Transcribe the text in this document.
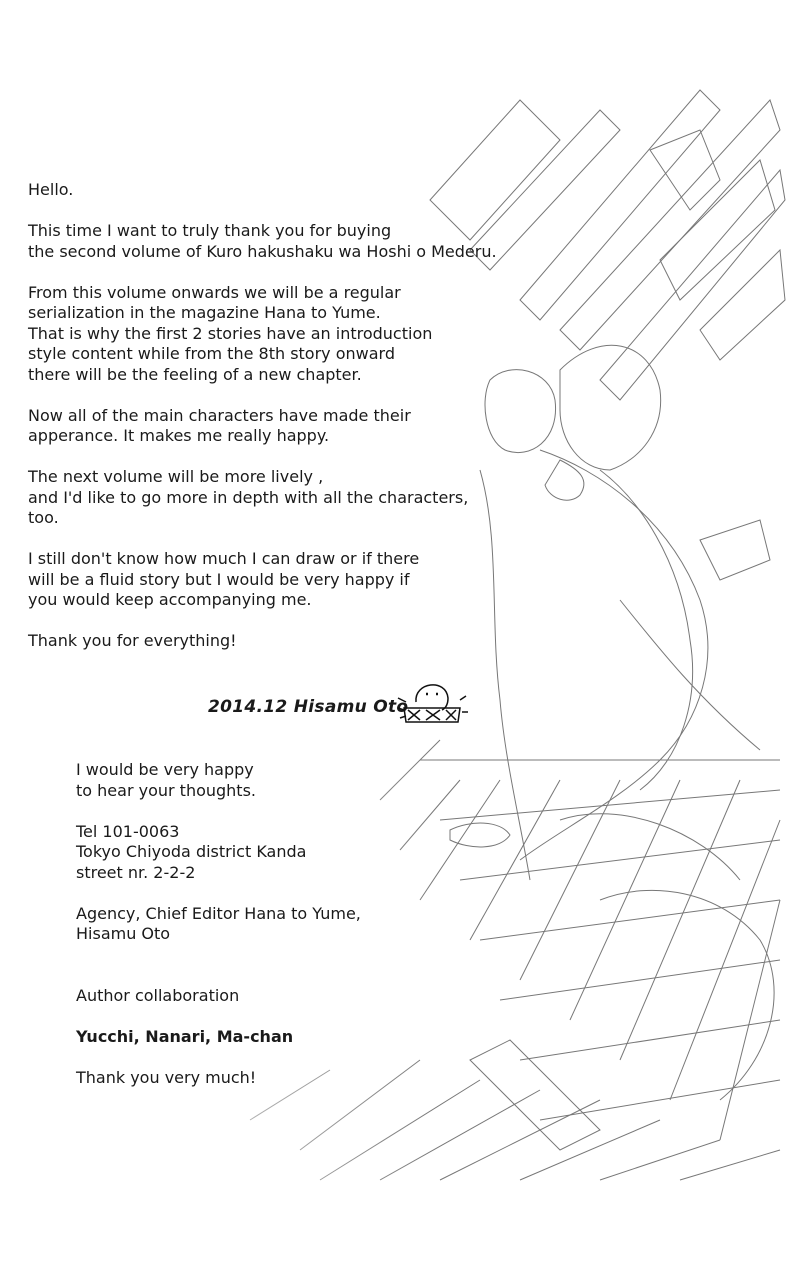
Hello.

This time I want to truly thank you for buying
the second volume of Kuro hakushaku wa Hoshi o Mederu.

From this volume onwards we will be a regular
serialization in the magazine Hana to Yume.
That is why the first 2 stories have an introduction
style content while from the 8th story onward
there will be the feeling of a new chapter.

Now all of the main characters have made their
apperance. It makes me really happy.

The next volume will be more lively ,
and I'd like to go more in depth with all the characters, too.

I still don't know how much I can draw or if there
will be a fluid story but I would be very happy if
you would keep accompanying me.

Thank you for everything!

2014.12 Hisamu Oto

I would be very happy
to hear your thoughts.

Tel 101-0063
Tokyo Chiyoda district Kanda
street nr. 2-2-2

Agency, Chief Editor Hana to Yume,
Hisamu Oto

Author collaboration

Yucchi, Nanari, Ma-chan

Thank you very much!
